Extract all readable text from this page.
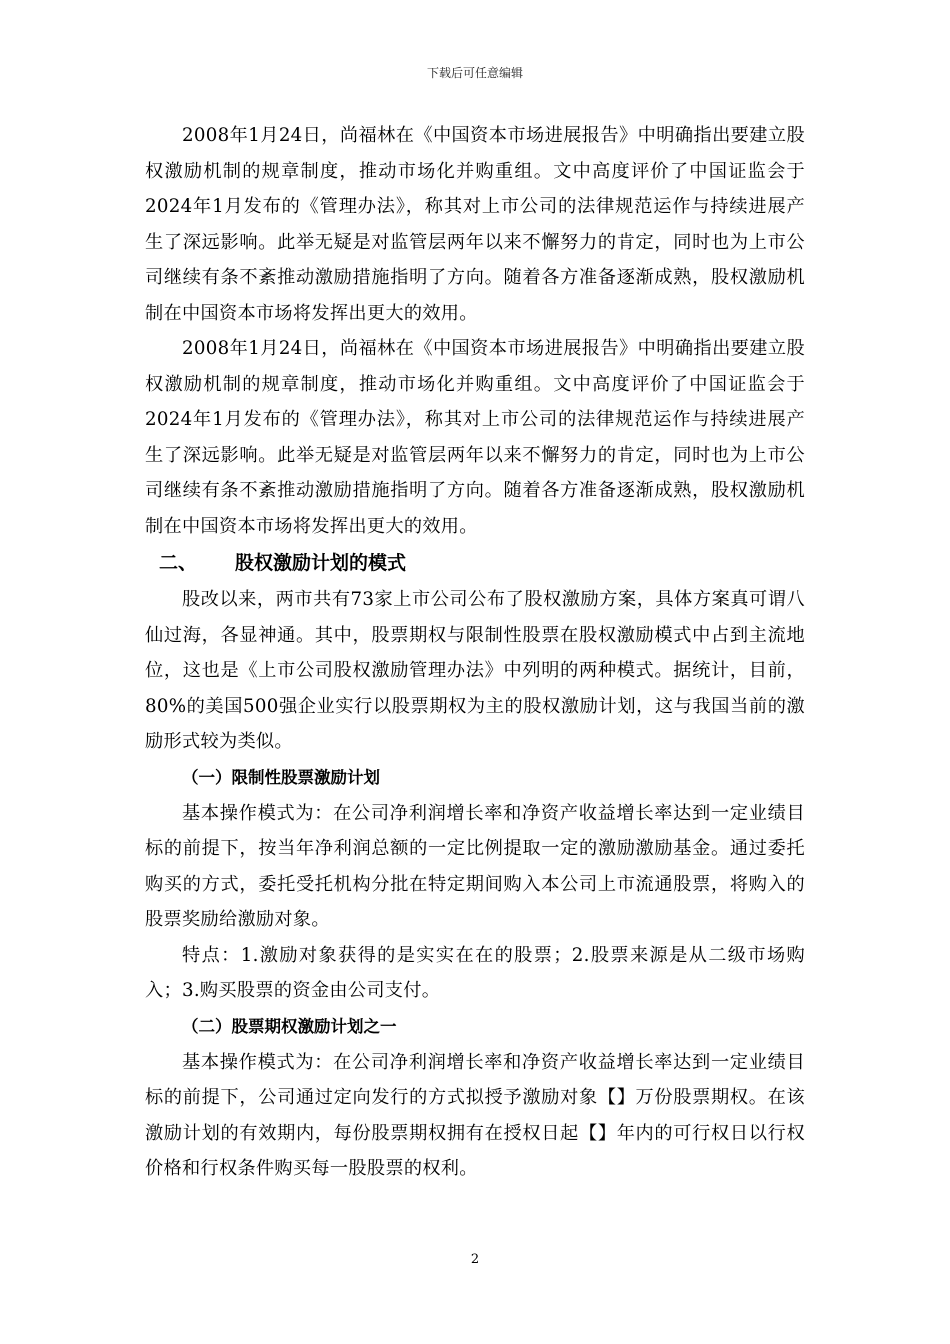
下载后可任意编辑

2008年1月24日，尚福林在《中国资本市场进展报告》中明确指出要建立股权激励机制的规章制度，推动市场化并购重组。文中高度评价了中国证监会于2024年1月发布的《管理办法》，称其对上市公司的法律规范运作与持续进展产生了深远影响。此举无疑是对监管层两年以来不懈努力的肯定，同时也为上市公司继续有条不紊推动激励措施指明了方向。随着各方准备逐渐成熟，股权激励机制在中国资本市场将发挥出更大的效用。

2008年1月24日，尚福林在《中国资本市场进展报告》中明确指出要建立股权激励机制的规章制度，推动市场化并购重组。文中高度评价了中国证监会于2024年1月发布的《管理办法》，称其对上市公司的法律规范运作与持续进展产生了深远影响。此举无疑是对监管层两年以来不懈努力的肯定，同时也为上市公司继续有条不紊推动激励措施指明了方向。随着各方准备逐渐成熟，股权激励机制在中国资本市场将发挥出更大的效用。

二、 股权激励计划的模式

股改以来，两市共有73家上市公司公布了股权激励方案，具体方案真可谓八仙过海，各显神通。其中，股票期权与限制性股票在股权激励模式中占到主流地位，这也是《上市公司股权激励管理办法》中列明的两种模式。据统计，目前，80%的美国500强企业实行以股票期权为主的股权激励计划，这与我国当前的激励形式较为类似。

（一）限制性股票激励计划

基本操作模式为：在公司净利润增长率和净资产收益增长率达到一定业绩目标的前提下，按当年净利润总额的一定比例提取一定的激励激励基金。通过委托购买的方式，委托受托机构分批在特定期间购入本公司上市流通股票，将购入的股票奖励给激励对象。

特点：1.激励对象获得的是实实在在的股票；2.股票来源是从二级市场购入；3.购买股票的资金由公司支付。

（二）股票期权激励计划之一

基本操作模式为：在公司净利润增长率和净资产收益增长率达到一定业绩目标的前提下，公司通过定向发行的方式拟授予激励对象【】万份股票期权。在该激励计划的有效期内，每份股票期权拥有在授权日起【】年内的可行权日以行权价格和行权条件购买每一股股票的权利。

2
